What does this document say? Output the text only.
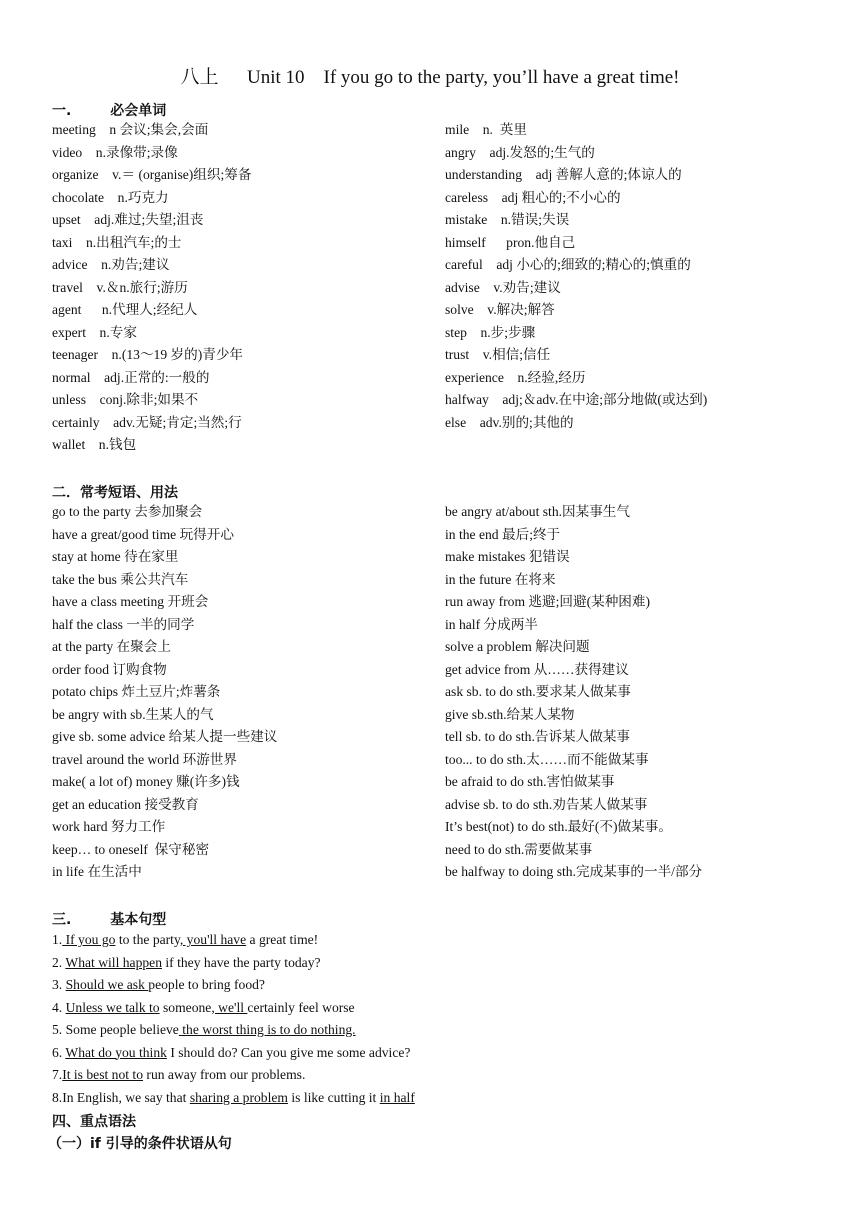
八上      Unit 10    If you go to the party, you’ll have a great time!
一.        必会单词
meeting    n 会议;集会,会面
video    n.录像带;录像
organize    v.＝ (organise)组织;筹备
chocolate    n.巧克力
upset    adj.难过;失望;沮丧
taxi    n.出租汽车;的士
advice    n.劝告;建议
travel    v.＆n.旅行;游历
agent      n.代理人;经纪人
expert    n.专家
teenager    n.(13～19 岁的)青少年
normal    adj.正常的:一般的
unless    conj.除非;如果不
certainly    adv.无疑;肯定;当然;行
wallet    n.钱包
mile    n.  英里
angry    adj.发怒的;生气的
understanding    adj 善解人意的;体谅人的
careless    adj 粗心的;不小心的
mistake    n.错误;失误
himself      pron.他自己
careful    adj 小心的;细致的;精心的;慎重的
advise    v.劝告;建议
solve    v.解决;解答
step    n.步;步骤
trust    v.相信;信任
experience    n.经验,经历
halfway    adj;＆adv.在中途;部分地做(或达到)
else    adv.别的;其他的
二．常考短语、用法
go to the party 去参加聚会
have a great/good time 玩得开心
stay at home 待在家里
take the bus 乘公共汽车
have a class meeting 开班会
half the class 一半的同学
at the party 在聚会上
order food 订购食物
potato chips 炸土豆片;炸薯条
be angry with sb.生某人的气
give sb. some advice 给某人提一些建议
travel around the world 环游世界
make( a lot of) money 赚(许多)钱
get an education 接受教育
work hard 努力工作
keep… to oneself  保守秘密
in life 在生活中
be angry at/about sth.因某事生气
in the end 最后;终于
make mistakes 犯错误
in the future 在将来
run away from 逃避;回避(某种困难)
in half 分成两半
solve a problem 解决问题
get advice from 从……获得建议
ask sb. to do sth.要求某人做某事
give sb.sth.给某人某物
tell sb. to do sth.告诉某人做某事
too... to do sth.太……而不能做某事
be afraid to do sth.害怕做某事
advise sb. to do sth.劝告某人做某事
It’s best(not) to do sth.最好(不)做某事。
need to do sth.需要做某事
be halfway to doing sth.完成某事的一半/部分
三.        基本句型
1. If you go to the party, you'll have a great time!
2. What will happen if they have the party today?
3. Should we ask people to bring food?
4. Unless we talk to someone, we'll certainly feel worse
5. Some people believe the worst thing is to do nothing.
6. What do you think I should do? Can you give me some advice?
7.It is best not to run away from our problems.
8.In English, we say that sharing a problem is like cutting it in half
四、重点语法
（一）if 引导的条件状语从句
